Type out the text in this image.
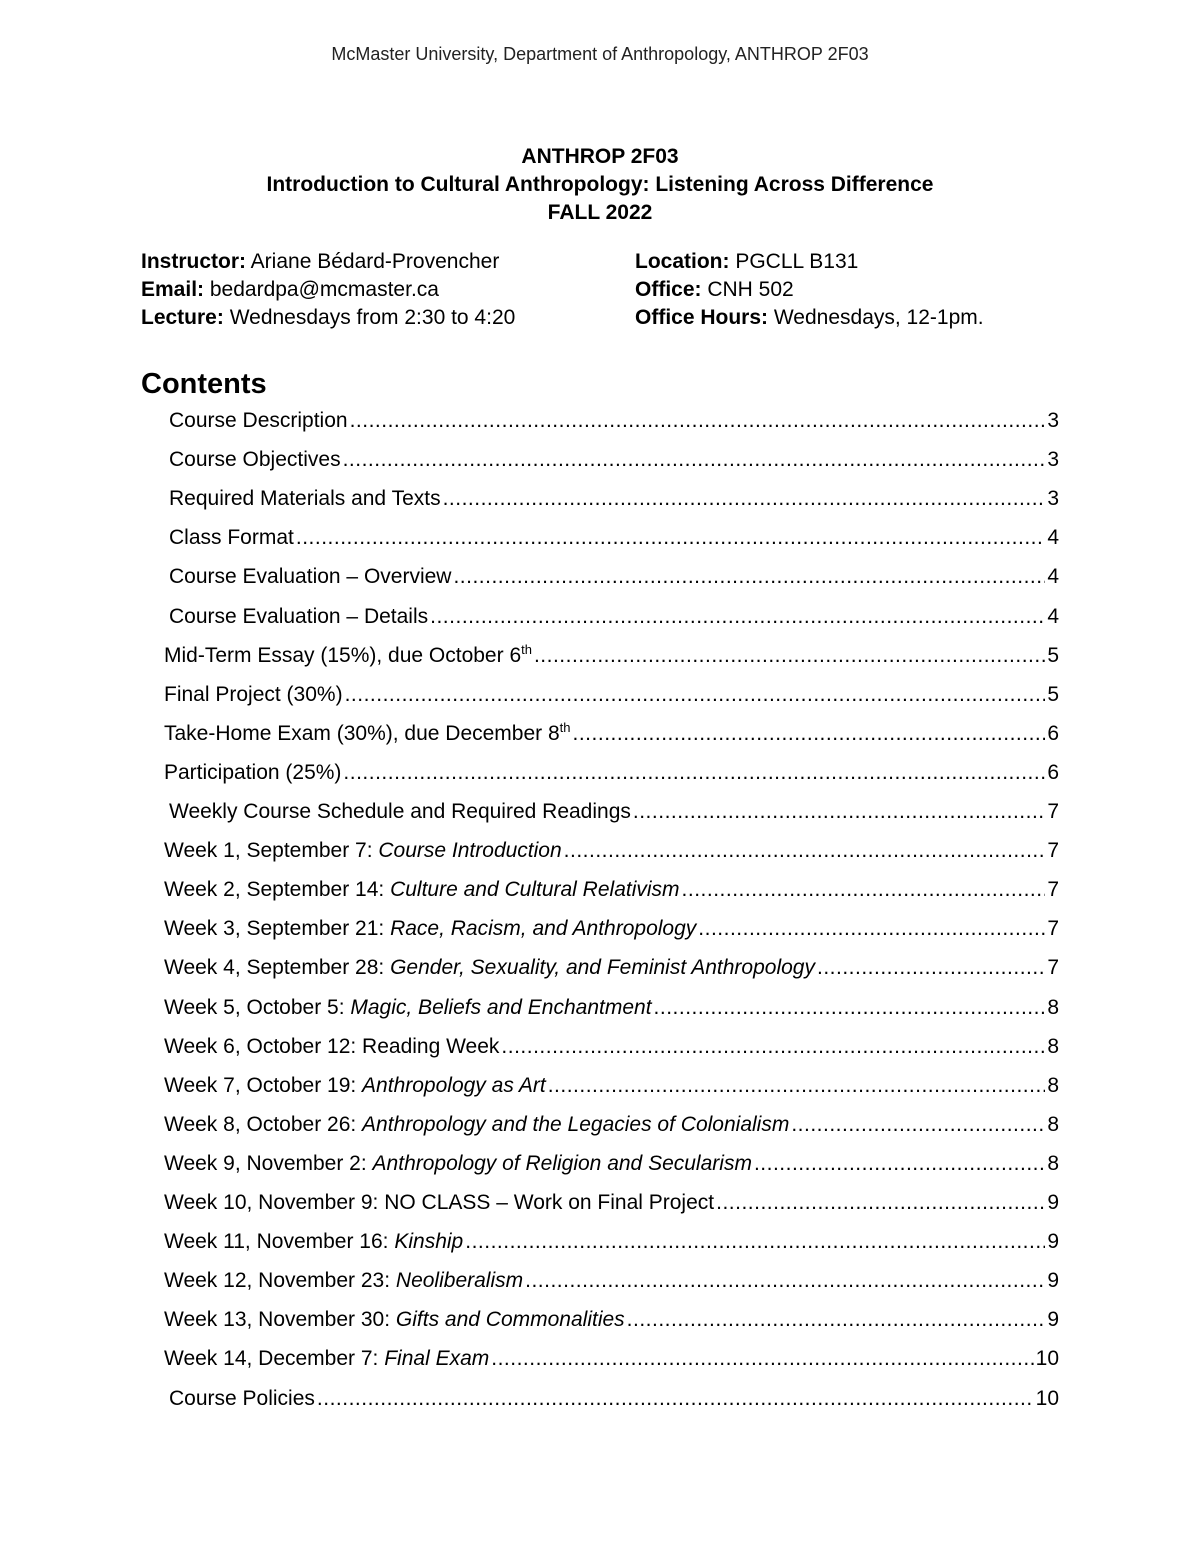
McMaster University, Department of Anthropology, ANTHROP 2F03
ANTHROP 2F03
Introduction to Cultural Anthropology: Listening Across Difference
FALL 2022
Instructor: Ariane Bédard-Provencher	Location: PGCLL B131
Email: bedardpa@mcmaster.ca	Office: CNH 502
Lecture: Wednesdays from 2:30 to 4:20	Office Hours: Wednesdays, 12-1pm.
Contents
Course Description .....	3
Course Objectives .....	3
Required Materials and Texts .....	3
Class Format .....	4
Course Evaluation – Overview .....	4
Course Evaluation – Details .....	4
Mid-Term Essay (15%), due October 6th .....	5
Final Project (30%) .....	5
Take-Home Exam (30%), due December 8th .....	6
Participation (25%) .....	6
Weekly Course Schedule and Required Readings .....	7
Week 1, September 7: Course Introduction .....	7
Week 2, September 14: Culture and Cultural Relativism .....	7
Week 3, September 21: Race, Racism, and Anthropology .....	7
Week 4, September 28: Gender, Sexuality, and Feminist Anthropology .....	7
Week 5, October 5: Magic, Beliefs and Enchantment .....	8
Week 6, October 12: Reading Week .....	8
Week 7, October 19: Anthropology as Art .....	8
Week 8, October 26: Anthropology and the Legacies of Colonialism .....	8
Week 9, November 2: Anthropology of Religion and Secularism .....	8
Week 10, November 9: NO CLASS – Work on Final Project .....	9
Week 11, November 16: Kinship .....	9
Week 12, November 23: Neoliberalism .....	9
Week 13, November 30: Gifts and Commonalities .....	9
Week 14, December 7: Final Exam .....	10
Course Policies .....	10
